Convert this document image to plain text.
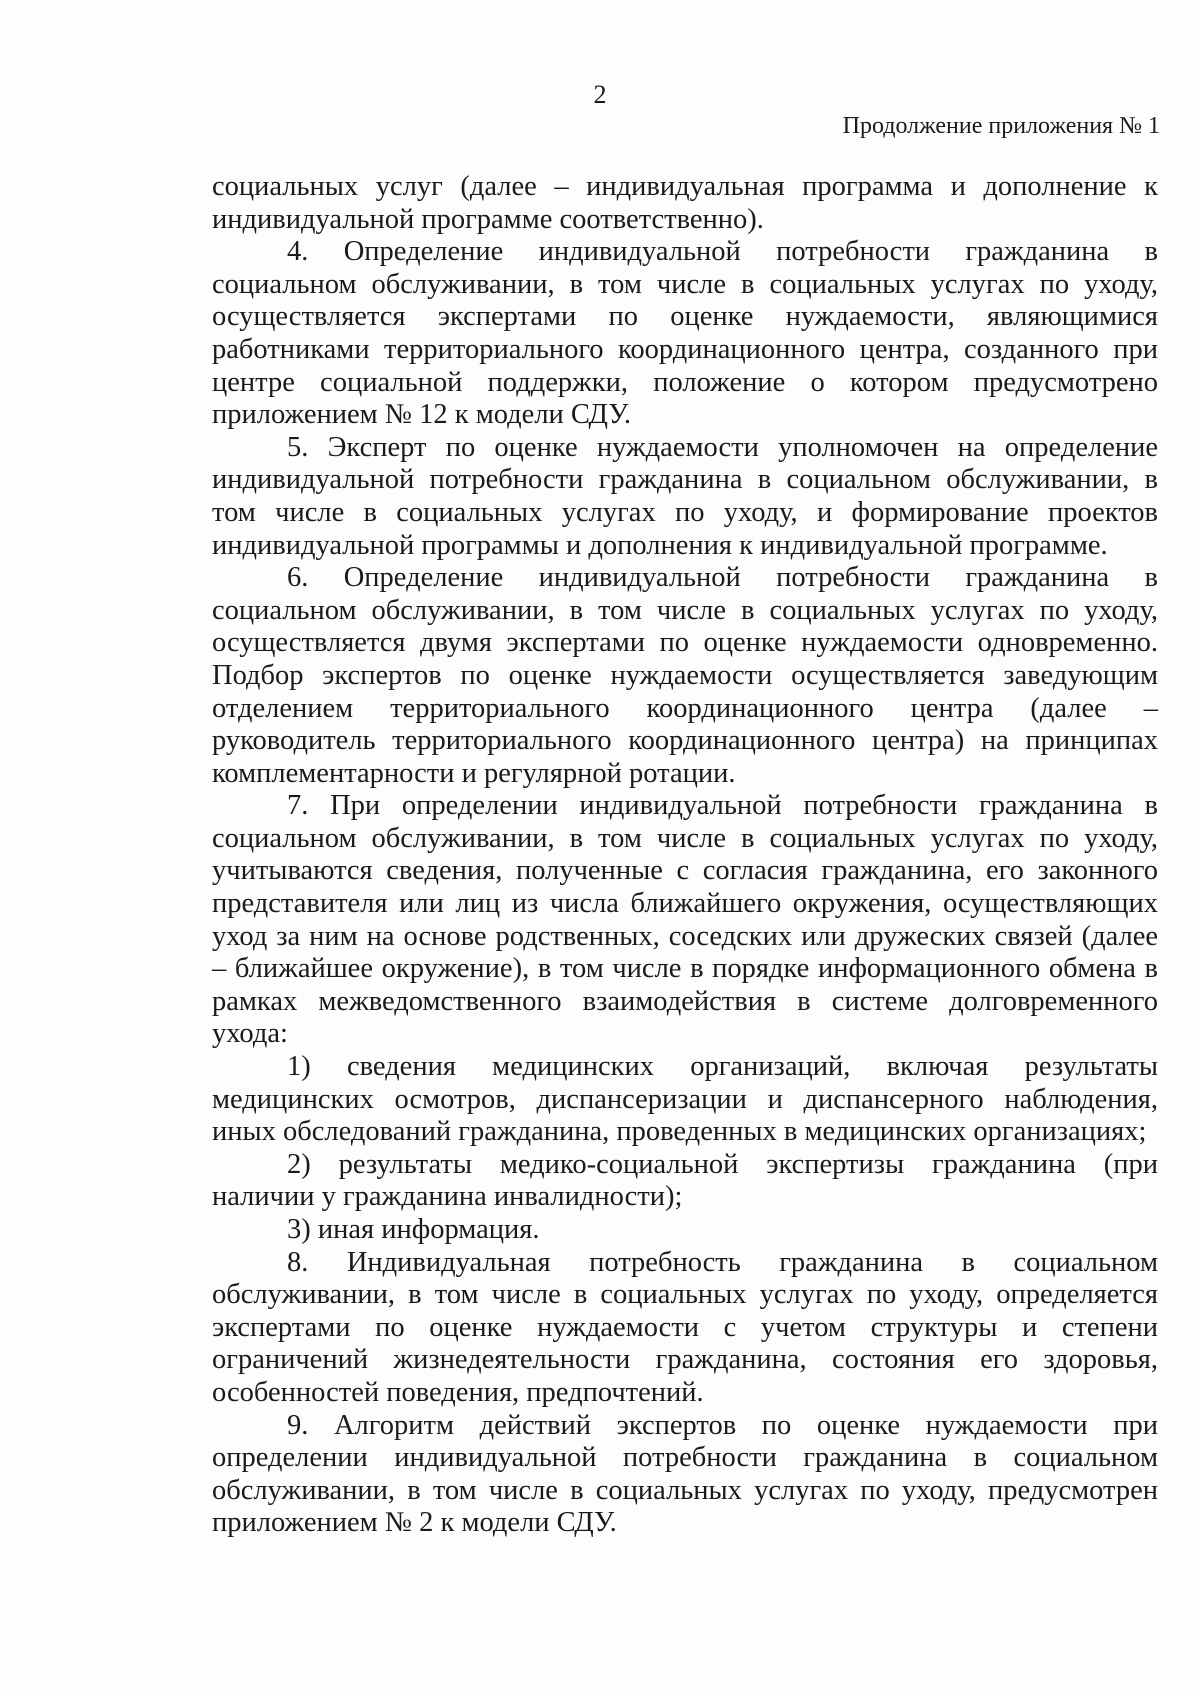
2
Продолжение приложения № 1

социальных услуг (далее – индивидуальная программа и дополнение к индивидуальной программе соответственно).

4. Определение индивидуальной потребности гражданина в социальном обслуживании, в том числе в социальных услугах по уходу, осуществляется экспертами по оценке нуждаемости, являющимися работниками территориального координационного центра, созданного при центре социальной поддержки, положение о котором предусмотрено приложением № 12 к модели СДУ.

5. Эксперт по оценке нуждаемости уполномочен на определение индивидуальной потребности гражданина в социальном обслуживании, в том числе в социальных услугах по уходу, и формирование проектов индивидуальной программы и дополнения к индивидуальной программе.

6. Определение индивидуальной потребности гражданина в социальном обслуживании, в том числе в социальных услугах по уходу, осуществляется двумя экспертами по оценке нуждаемости одновременно. Подбор экспертов по оценке нуждаемости осуществляется заведующим отделением территориального координационного центра (далее – руководитель территориального координационного центра) на принципах комплементарности и регулярной ротации.

7. При определении индивидуальной потребности гражданина в социальном обслуживании, в том числе в социальных услугах по уходу, учитываются сведения, полученные с согласия гражданина, его законного представителя или лиц из числа ближайшего окружения, осуществляющих уход за ним на основе родственных, соседских или дружеских связей (далее – ближайшее окружение), в том числе в порядке информационного обмена в рамках межведомственного взаимодействия в системе долговременного ухода:

1) сведения медицинских организаций, включая результаты медицинских осмотров, диспансеризации и диспансерного наблюдения, иных обследований гражданина, проведенных в медицинских организациях;

2) результаты медико-социальной экспертизы гражданина (при наличии у гражданина инвалидности);

3) иная информация.

8. Индивидуальная потребность гражданина в социальном обслуживании, в том числе в социальных услугах по уходу, определяется экспертами по оценке нуждаемости с учетом структуры и степени ограничений жизнедеятельности гражданина, состояния его здоровья, особенностей поведения, предпочтений.

9. Алгоритм действий экспертов по оценке нуждаемости при определении индивидуальной потребности гражданина в социальном обслуживании, в том числе в социальных услугах по уходу, предусмотрен приложением № 2 к модели СДУ.
